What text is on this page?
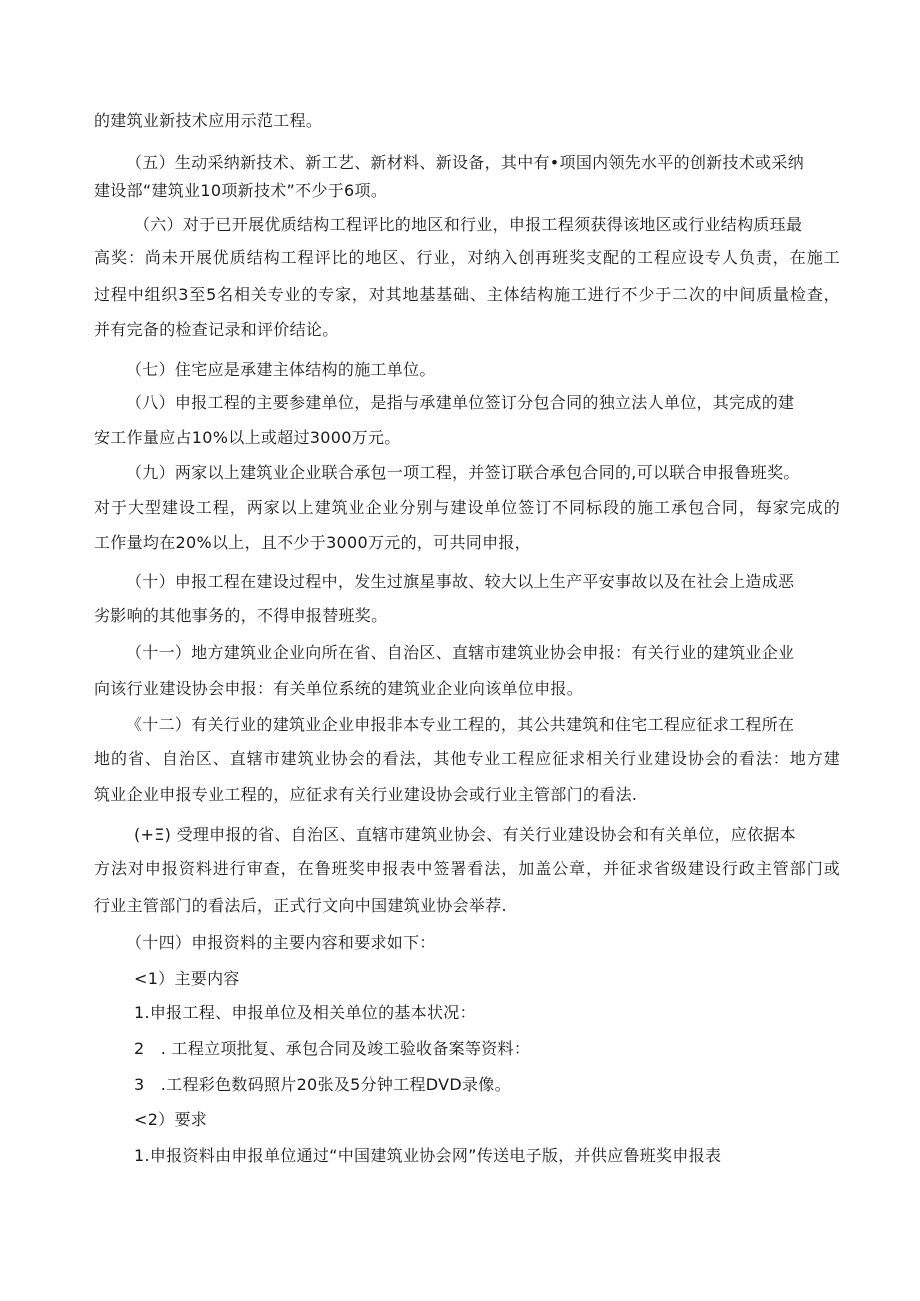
的建筑业新技术应用示范工程。
（五）生动采纳新技术、新工艺、新材料、新设备，其中有•项国内领先水平的创新技术或采纳
建设部“建筑业10项新技术”不少于6项。
（六）对于已开展优质结构工程评比的地区和行业，申报工程须获得该地区或行业结构质珏最
高奖：尚未开展优质结构工程评比的地区、行业，对纳入创再班奖支配的工程应设专人负责，在施工
过程中组织3至5名相关专业的专家，对其地基基础、主体结构施工进行不少于二次的中间质量检查，
并有完备的检查记录和评价结论。
（七）住宅应是承建主体结构的施工单位。
（八）申报工程的主要参建单位，是指与承建单位签订分包合同的独立法人单位，其完成的建
安工作量应占10%以上或超过3000万元。
（九）两家以上建筑业企业联合承包一项工程，并签订联合承包合同的,可以联合申报鲁班奖。
对于大型建设工程，两家以上建筑业企业分别与建设单位签订不同标段的施工承包合同，每家完成的
工作量均在20%以上，且不少于3000万元的，可共同申报，
（十）申报工程在建设过程中，发生过旗星事故、较大以上生产平安事故以及在社会上造成恶
劣影响的其他事务的，不得申报替班奖。
（十一）地方建筑业企业向所在省、自治区、直辖市建筑业协会申报：有关行业的建筑业企业
向该行业建设协会申报：有关单位系统的建筑业企业向该单位申报。
《十二）有关行业的建筑业企业申报非本专业工程的，其公共建筑和住宅工程应征求工程所在
地的省、自治区、直辖市建筑业协会的看法，其他专业工程应征求相关行业建设协会的看法：地方建
筑业企业申报专业工程的，应征求有关行业建设协会或行业主管部门的看法.
(+Ξ) 受理申报的省、自治区、直辖市建筑业协会、有关行业建设协会和有关单位，应依据本
方法对申报资料进行审查，在鲁班奖申报表中签署看法，加盖公章，并征求省级建设行政主管部门或
行业主管部门的看法后，正式行文向中国建筑业协会举荐.
（十四）申报资料的主要内容和要求如下：
<1）主要内容
1.申报工程、申报单位及相关单位的基本状况：
2　. 工程立项批复、承包合同及竣工验收备案等资料：
3　.工程彩色数码照片20张及5分钟工程DVD录像。
<2）要求
1.申报资料由申报单位通过“中国建筑业协会网”传送电子版，并供应鲁班奖申报表
